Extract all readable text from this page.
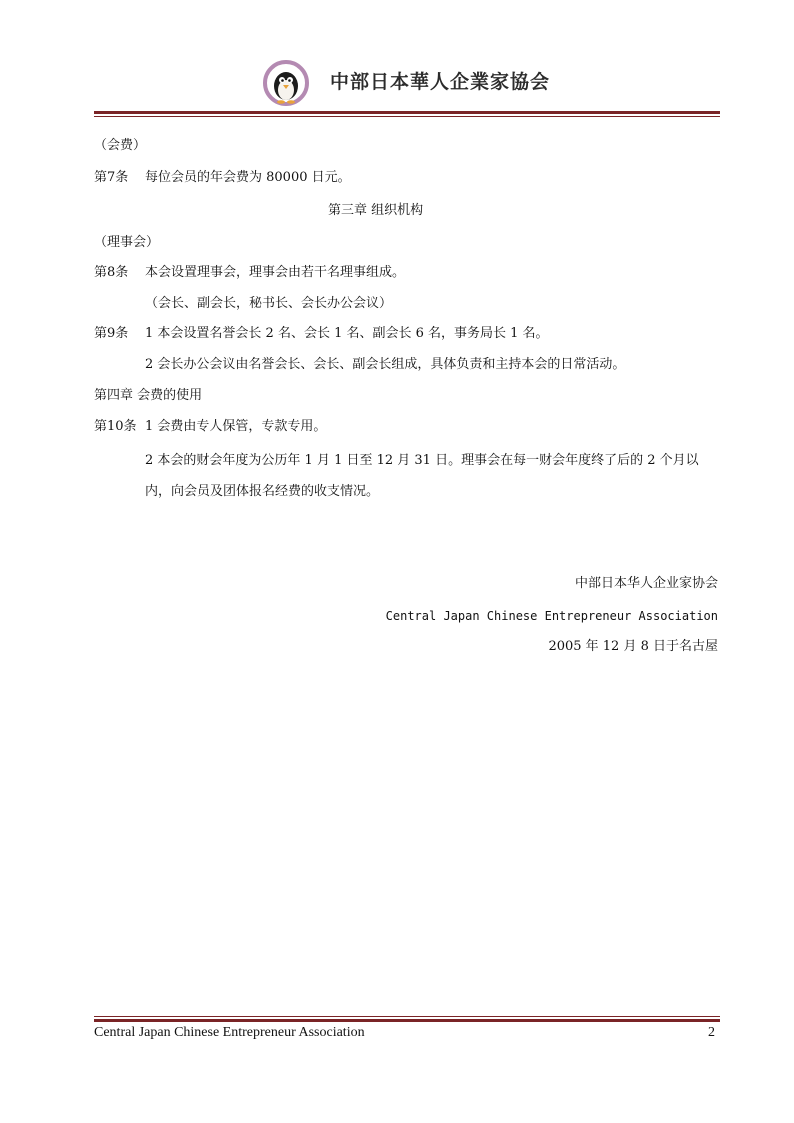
中部日本華人企業家協会
（会费）
第7条 每位会员的年会费为 80000 日元。
第三章 组织机构
（理事会）
第8条 本会设置理事会，理事会由若干名理事组成。
（会长、副会长，秘书长、会长办公会议）
第9条 1 本会设置名誉会长 2 名、会长 1 名、副会长 6 名，事务局长 1 名。
2 会长办公会议由名誉会长、会长、副会长组成，具体负责和主持本会的日常活动。
第四章 会费的使用
第10条 1 会费由专人保管，专款专用。
2 本会的财会年度为公历年 1 月 1 日至 12 月 31 日。理事会在每一财会年度终了后的 2 个月以
内，向会员及团体报名经费的收支情况。
中部日本华人企业家协会
Central Japan Chinese Entrepreneur Association
2005 年 12 月 8 日于名古屋
Central Japan Chinese Entrepreneur Association	2
